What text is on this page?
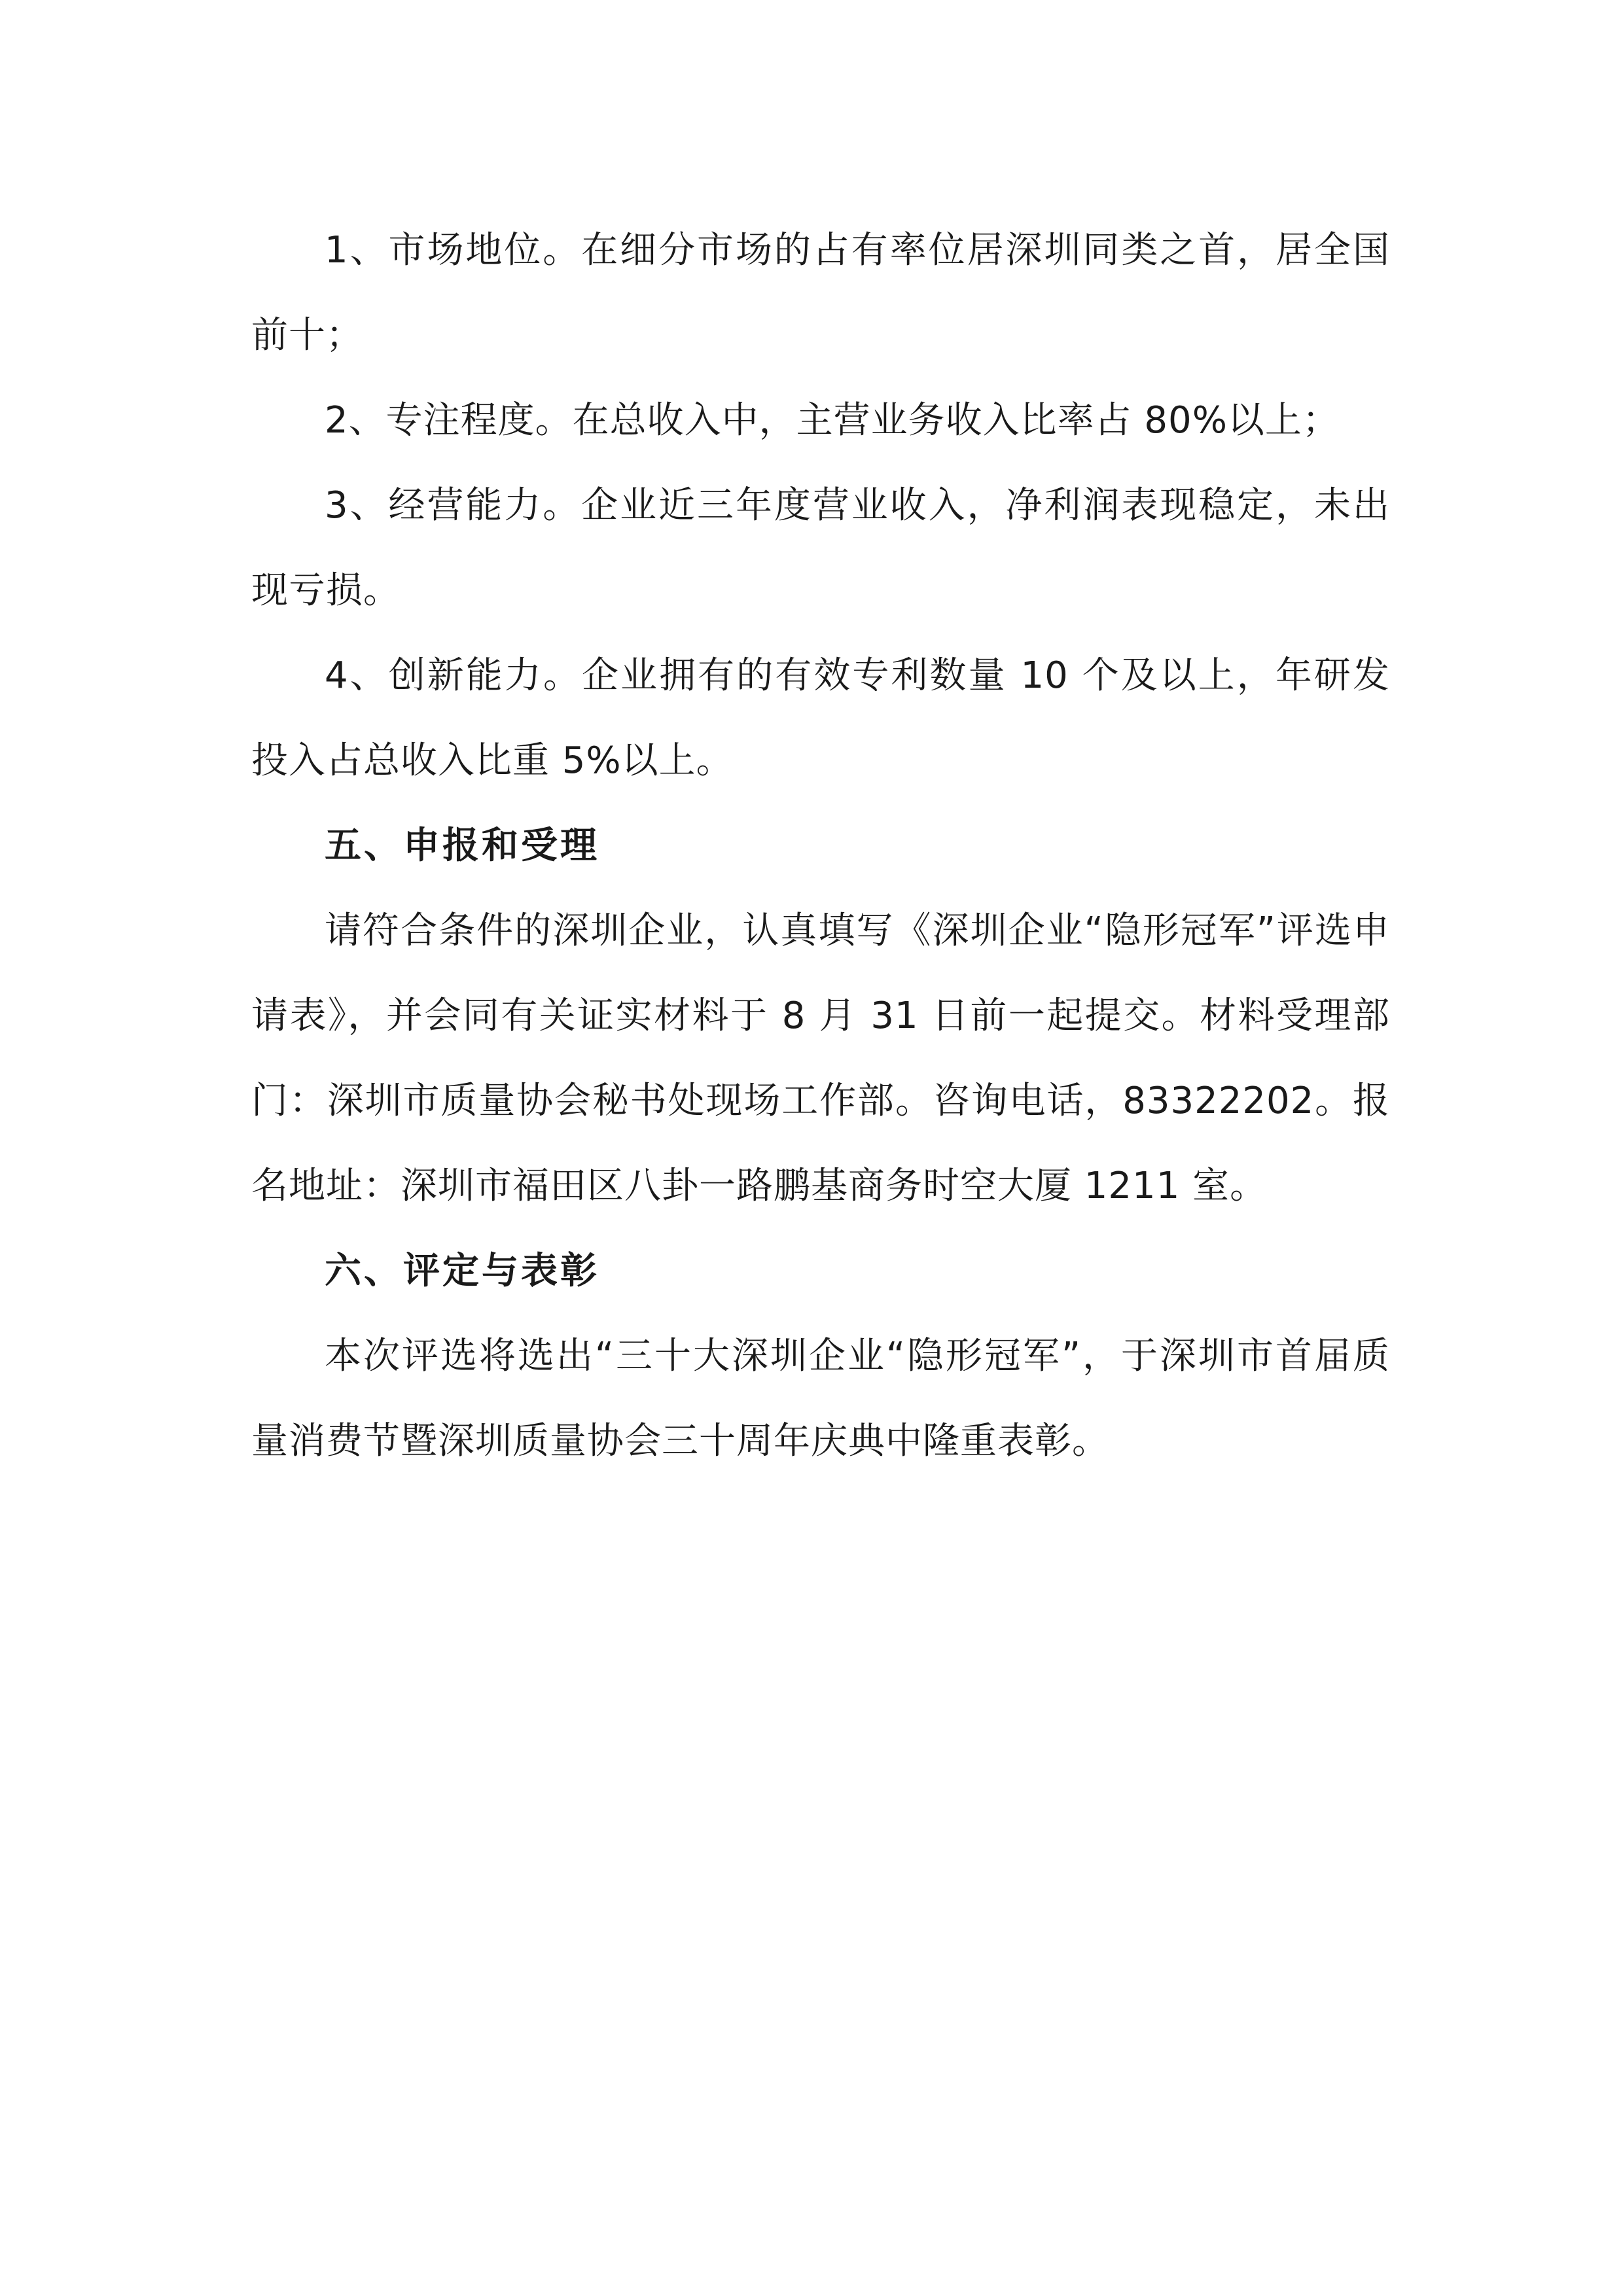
1、市场地位。在细分市场的占有率位居深圳同类之首，居全国前十；

2、专注程度。在总收入中，主营业务收入比率占 80%以上；

3、经营能力。企业近三年度营业收入，净利润表现稳定，未出现亏损。

4、创新能力。企业拥有的有效专利数量 10 个及以上，年研发投入占总收入比重 5%以上。

五、申报和受理

请符合条件的深圳企业，认真填写《深圳企业“隐形冠军”评选申请表》，并会同有关证实材料于 8 月 31 日前一起提交。材料受理部门：深圳市质量协会秘书处现场工作部。咨询电话，83322202。报名地址：深圳市福田区八卦一路鹏基商务时空大厦 1211 室。

六、评定与表彰

本次评选将选出“三十大深圳企业“隐形冠军”，于深圳市首届质量消费节暨深圳质量协会三十周年庆典中隆重表彰。
